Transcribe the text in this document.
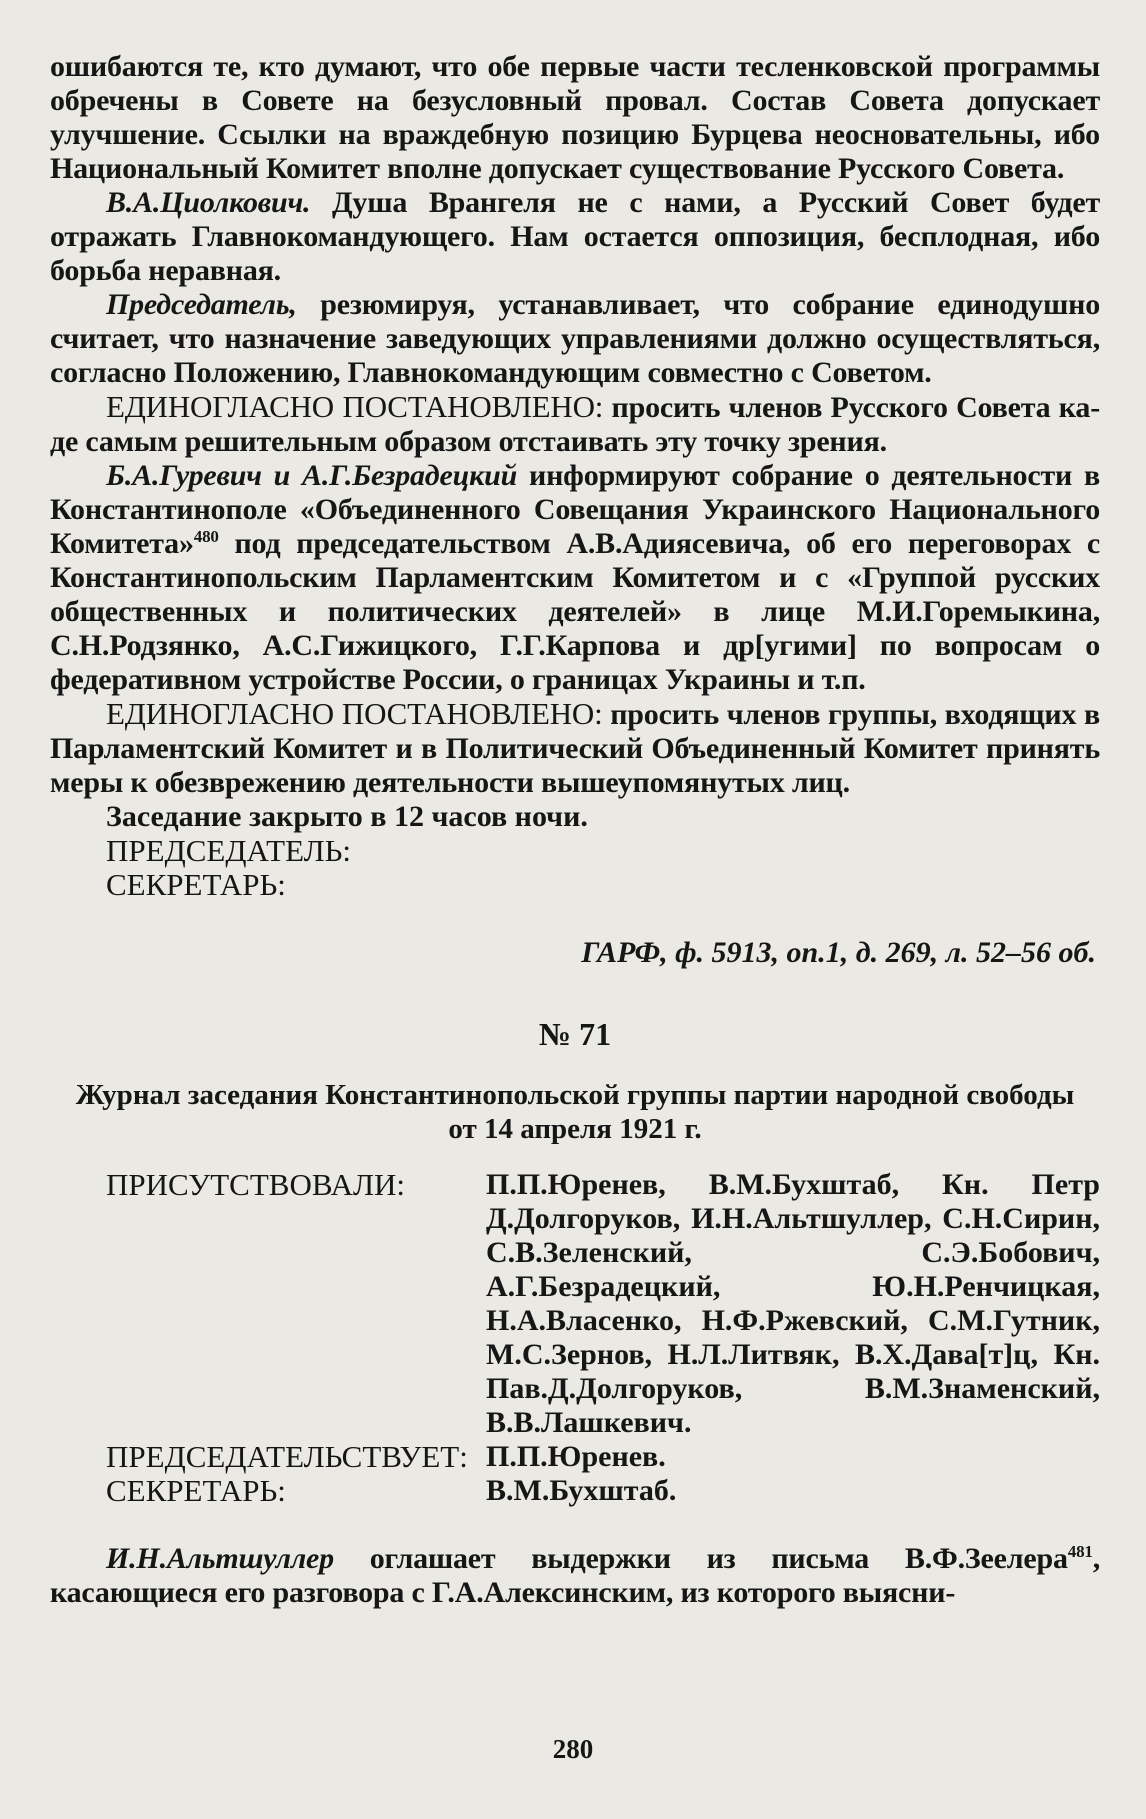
ошибаются те, кто думают, что обе первые части тесленковской программы обречены в Совете на безусловный провал. Состав Совета допускает улучшение. Ссылки на враждебную позицию Бурцева неосновательны, ибо Национальный Комитет вполне допускает существование Русского Совета.

В.А.Циолкович. Душа Врангеля не с нами, а Русский Совет будет отражать Главнокомандующего. Нам остается оппозиция, бесплодная, ибо борьба неравная.

Председатель, резюмируя, устанавливает, что собрание единодушно считает, что назначение заведующих управлениями должно осуществляться, согласно Положению, Главнокомандующим совместно с Советом.

ЕДИНОГЛАСНО ПОСТАНОВЛЕНО: просить членов Русского Совета ка-де самым решительным образом отстаивать эту точку зрения.

Б.А.Гуревич и А.Г.Безрадецкий информируют собрание о деятельности в Константинополе «Объединенного Совещания Украинского Национального Комитета»$^{480}$ под председательством А.В.Адиясевича, об его переговорах с Константинопольским Парламентским Комитетом и с «Группой русских общественных и политических деятелей» в лице М.И.Горемыкина, С.Н.Родзянко, А.С.Гижицкого, Г.Г.Карпова и др[угими] по вопросам о федеративном устройстве России, о границах Украины и т.п.

ЕДИНОГЛАСНО ПОСТАНОВЛЕНО: просить членов группы, входящих в Парламентский Комитет и в Политический Объединенный Комитет принять меры к обезврежению деятельности вышеупомянутых лиц.

Заседание закрыто в 12 часов ночи.

ПРЕДСЕДАТЕЛЬ:

СЕКРЕТАРЬ:

ГАРФ, ф. 5913, оп.1, д. 269, л. 52–56 об.

№ 71

Журнал заседания Константинопольской группы партии народной свободы от 14 апреля 1921 г.

ПРИСУТСТВОВАЛИ:	П.П.Юренев, В.М.Бухштаб, Кн. Петр Д.Долгоруков, И.Н.Альтшуллер, С.Н.Сирин, С.В.Зеленский, С.Э.Бобович, А.Г.Безрадецкий, Ю.Н.Ренчицкая, Н.А.Власенко, Н.Ф.Ржевский, С.М.Гутник, М.С.Зернов, Н.Л.Литвяк, В.Х.Дава[т]ц, Кн. Пав.Д.Долгоруков, В.М.Знаменский, В.В.Лашкевич.
ПРЕДСЕДАТЕЛЬСТВУЕТ: П.П.Юренев.
СЕКРЕТАРЬ:	В.М.Бухштаб.

И.Н.Альтшуллер оглашает выдержки из письма В.Ф.Зеелера$^{481}$, касающиеся его разговора с Г.А.Алексинским, из которого выясни-

280
